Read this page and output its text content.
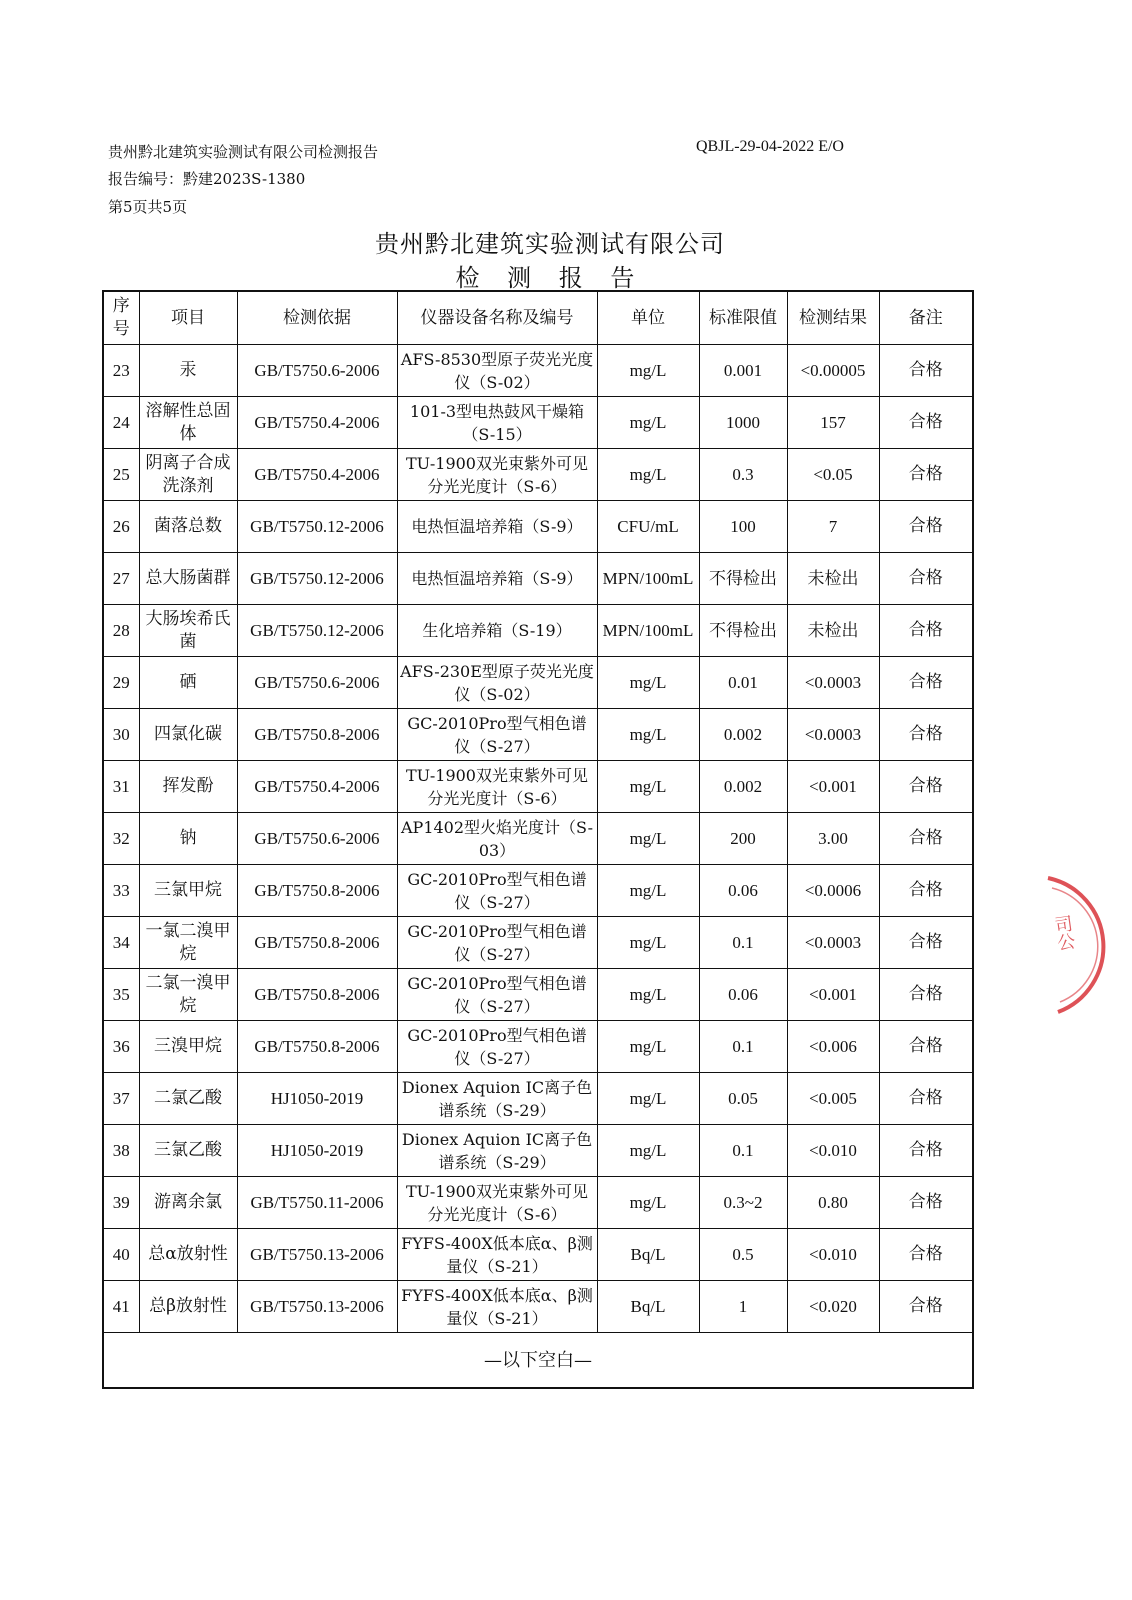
贵州黔北建筑实验测试有限公司检测报告
报告编号：黔建2023S-1380
第5页共5页
QBJL-29-04-2022 E/O
贵州黔北建筑实验测试有限公司
检 测 报 告
序号	项目	检测依据	仪器设备名称及编号	单位	标准限值	检测结果	备注
23	汞	GB/T5750.6-2006	AFS-8530型原子荧光光度仪（S-02）	mg/L	0.001	<0.00005	合格
24	溶解性总固体	GB/T5750.4-2006	101-3型电热鼓风干燥箱（S-15）	mg/L	1000	157	合格
25	阴离子合成洗涤剂	GB/T5750.4-2006	TU-1900双光束紫外可见分光光度计（S-6）	mg/L	0.3	<0.05	合格
26	菌落总数	GB/T5750.12-2006	电热恒温培养箱（S-9）	CFU/mL	100	7	合格
27	总大肠菌群	GB/T5750.12-2006	电热恒温培养箱（S-9）	MPN/100mL	不得检出	未检出	合格
28	大肠埃希氏菌	GB/T5750.12-2006	生化培养箱（S-19）	MPN/100mL	不得检出	未检出	合格
29	硒	GB/T5750.6-2006	AFS-230E型原子荧光光度仪（S-02）	mg/L	0.01	<0.0003	合格
30	四氯化碳	GB/T5750.8-2006	GC-2010Pro型气相色谱仪（S-27）	mg/L	0.002	<0.0003	合格
31	挥发酚	GB/T5750.4-2006	TU-1900双光束紫外可见分光光度计（S-6）	mg/L	0.002	<0.001	合格
32	钠	GB/T5750.6-2006	AP1402型火焰光度计（S-03）	mg/L	200	3.00	合格
33	三氯甲烷	GB/T5750.8-2006	GC-2010Pro型气相色谱仪（S-27）	mg/L	0.06	<0.0006	合格
34	一氯二溴甲烷	GB/T5750.8-2006	GC-2010Pro型气相色谱仪（S-27）	mg/L	0.1	<0.0003	合格
35	二氯一溴甲烷	GB/T5750.8-2006	GC-2010Pro型气相色谱仪（S-27）	mg/L	0.06	<0.001	合格
36	三溴甲烷	GB/T5750.8-2006	GC-2010Pro型气相色谱仪（S-27）	mg/L	0.1	<0.006	合格
37	二氯乙酸	HJ1050-2019	Dionex Aquion IC离子色谱系统（S-29）	mg/L	0.05	<0.005	合格
38	三氯乙酸	HJ1050-2019	Dionex Aquion IC离子色谱系统（S-29）	mg/L	0.1	<0.010	合格
39	游离余氯	GB/T5750.11-2006	TU-1900双光束紫外可见分光光度计（S-6）	mg/L	0.3~2	0.80	合格
40	总α放射性	GB/T5750.13-2006	FYFS-400X低本底α、β测量仪（S-21）	Bq/L	0.5	<0.010	合格
41	总β放射性	GB/T5750.13-2006	FYFS-400X低本底α、β测量仪（S-21）	Bq/L	1	<0.020	合格
—以下空白—							
司公
